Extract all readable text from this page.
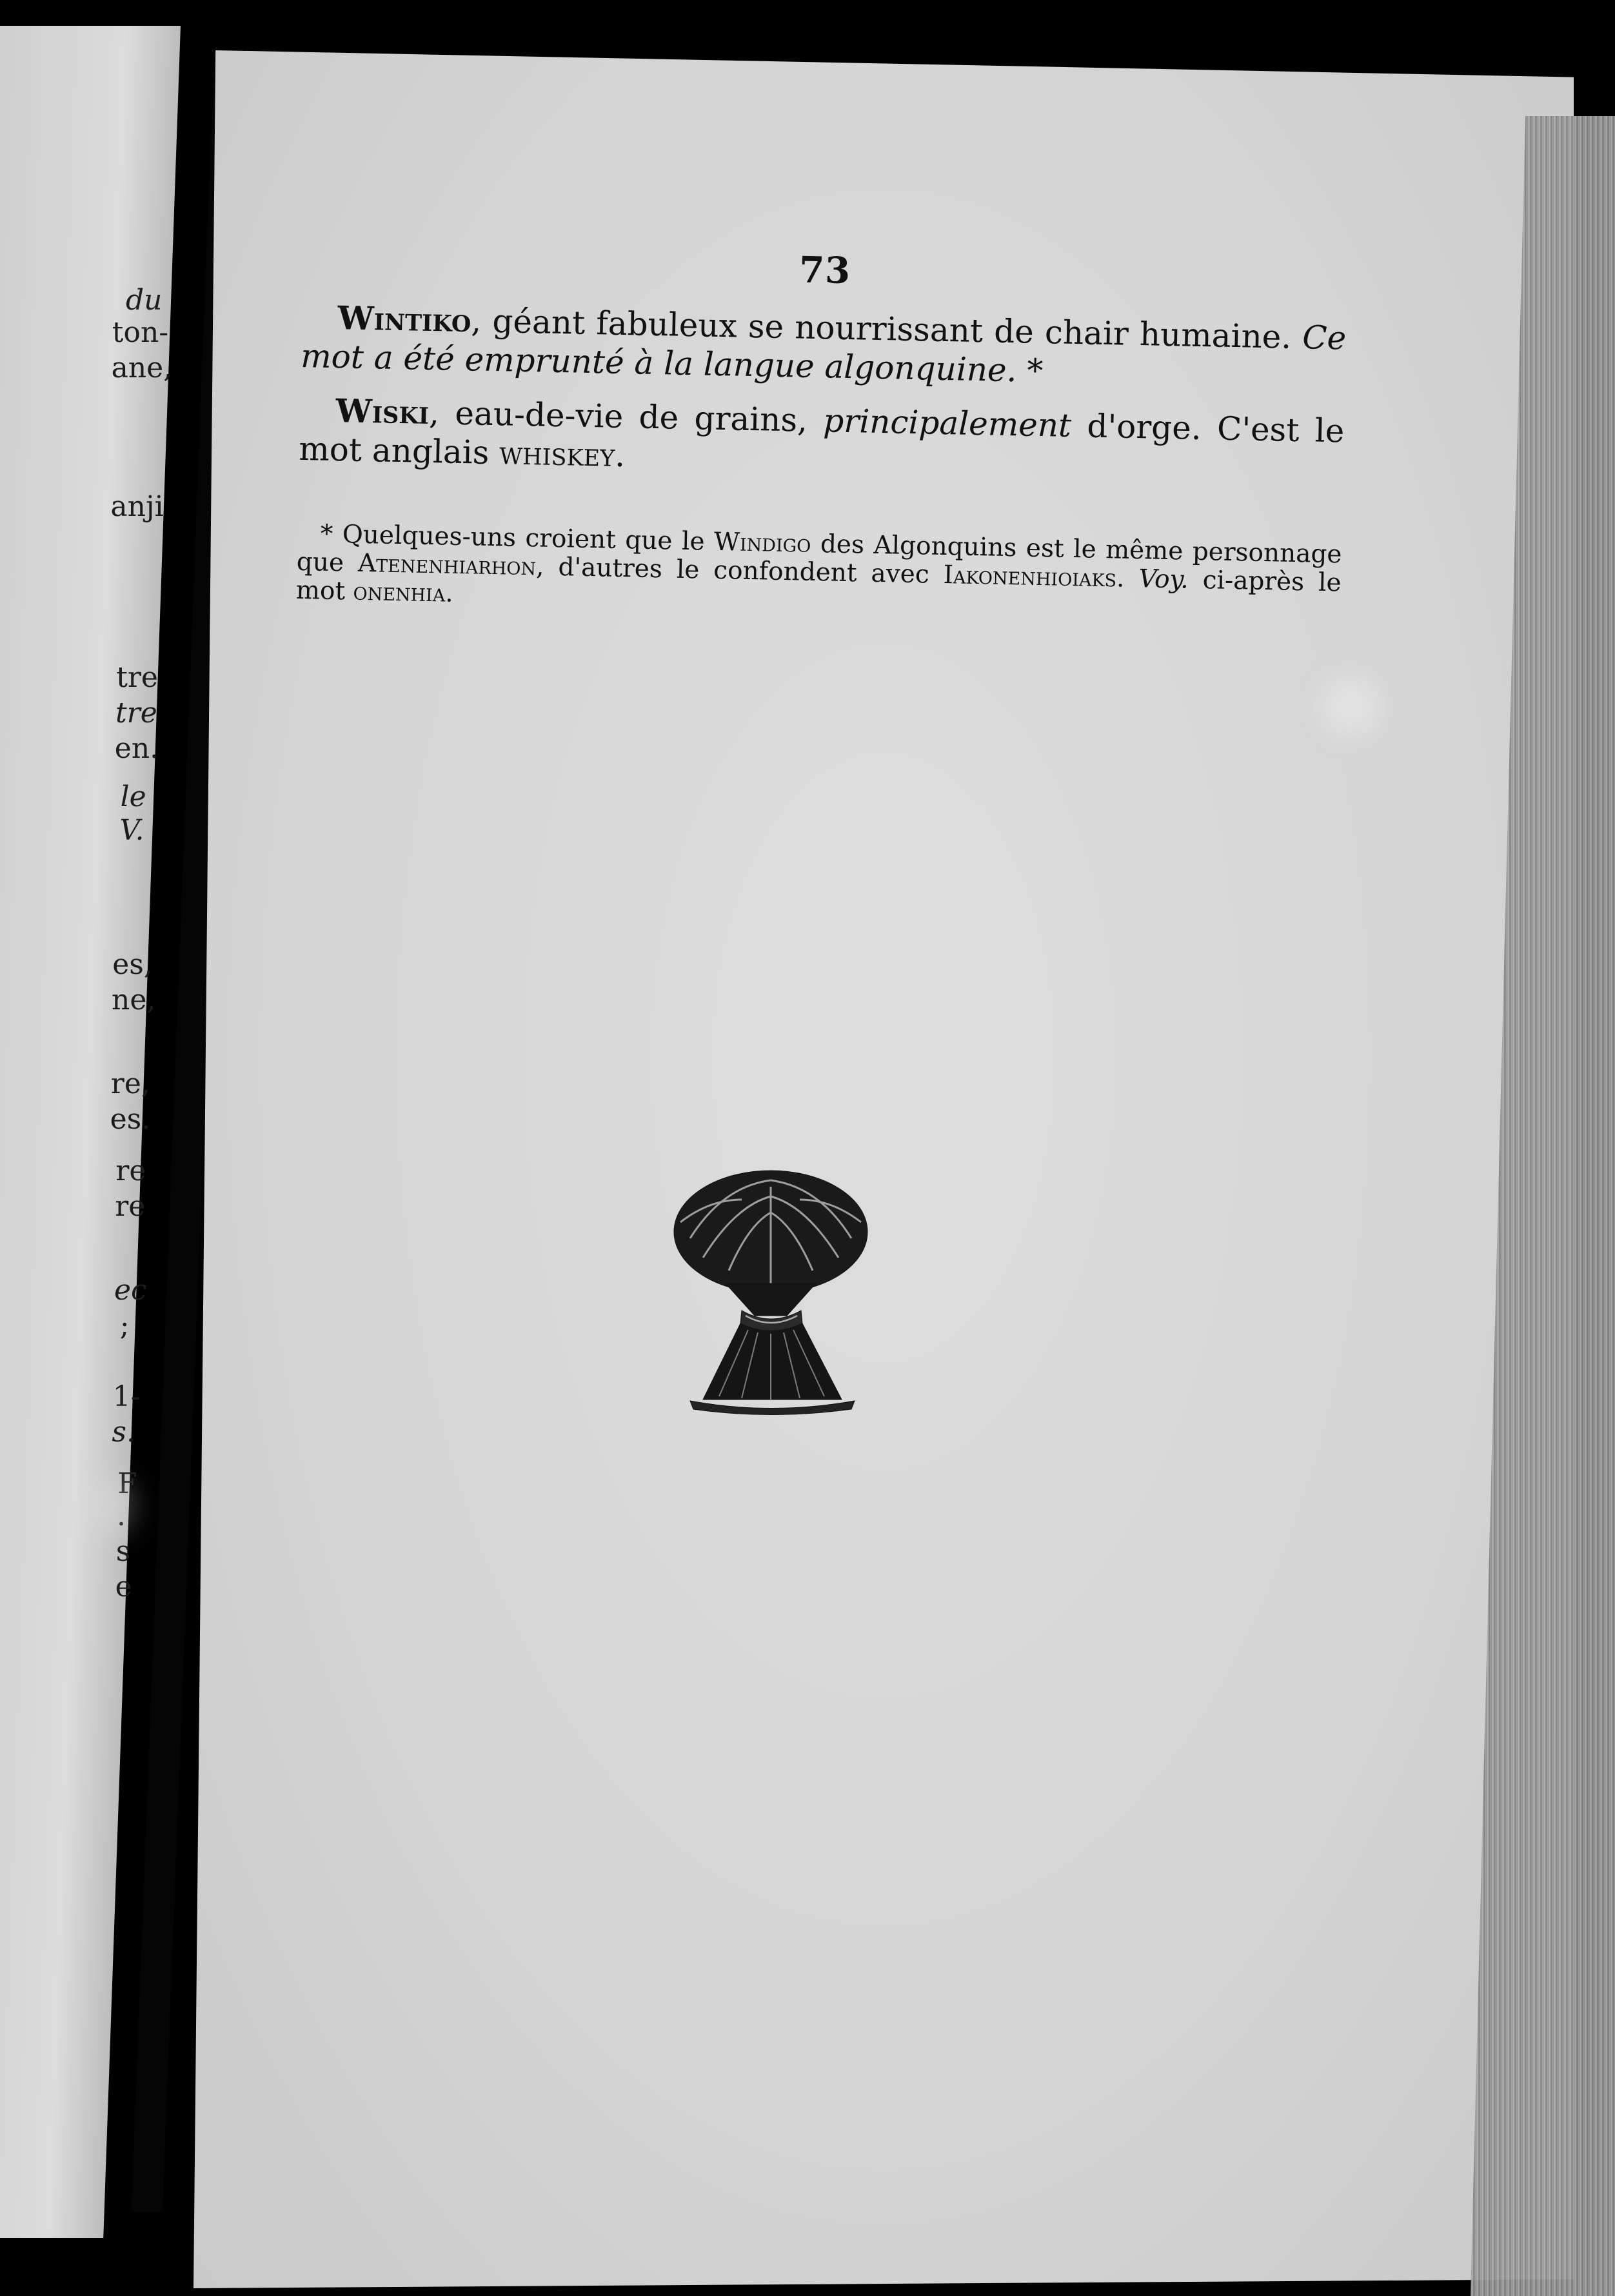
du
ton-
ane,
anji
tre
tre
en.
le
V.
es,
ne,
re,
es.
re
re
ec
;
1-
s.
F
.
s
e
73

Wintiko, géant fabuleux se nourrissant de chair humaine. Ce mot a été emprunté à la langue algonquine. *

Wiski, eau-de-vie de grains, principalement d'orge. C'est le mot anglais whiskey.

* Quelques-uns croient que le Windigo des Algonquins est le même personnage que Atenenhiarhon, d'autres le confondent avec Iakonenhioiaks. Voy. ci-après le mot onenhia.
